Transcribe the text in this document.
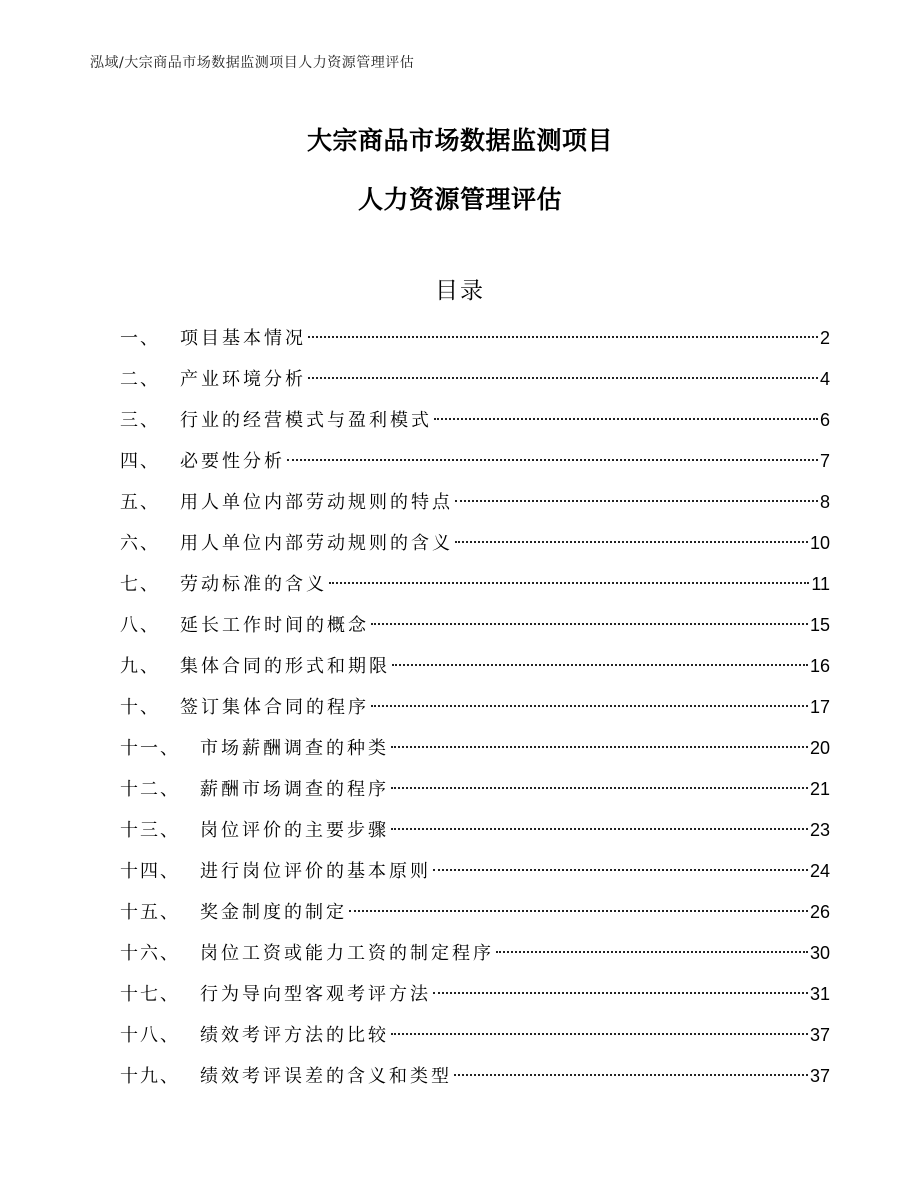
泓域/大宗商品市场数据监测项目人力资源管理评估
大宗商品市场数据监测项目
人力资源管理评估
目录
一 、 项目基本情况	2
二 、 产业环境分析	4
三 、 行业的经营模式与盈利模式	6
四 、 必要性分析	7
五 、 用人单位内部劳动规则的特点	8
六 、 用人单位内部劳动规则的含义	10
七 、 劳动标准的含义	11
八 、 延长工作时间的概念	15
九 、 集体合同的形式和期限	16
十 、 签订集体合同的程序	17
十一 、 市场薪酬调查的种类	20
十二 、 薪酬市场调查的程序	21
十三 、 岗位评价的主要步骤	23
十四 、 进行岗位评价的基本原则	24
十五 、 奖金制度的制定	26
十六 、 岗位工资或能力工资的制定程序	30
十七 、 行为导向型客观考评方法	31
十八 、 绩效考评方法的比较	37
十九 、 绩效考评误差的含义和类型	37
